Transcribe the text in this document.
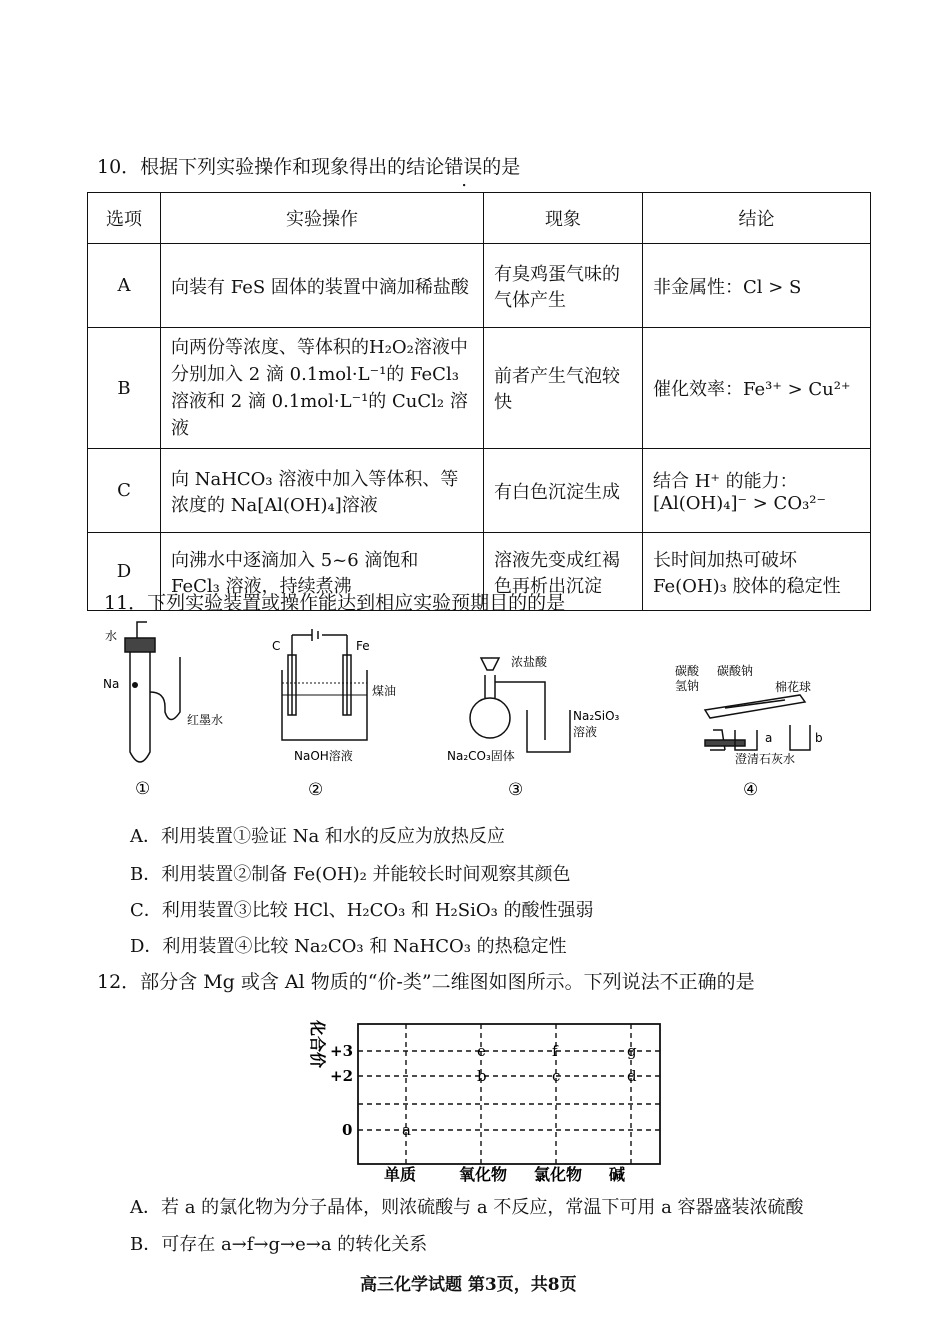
10．根据下列实验操作和现象得出的结论错误的是
选项	实验操作	现象	结论
A	向装有 FeS 固体的装置中滴加稀盐酸	有臭鸡蛋气味的气体产生	非金属性：Cl > S
B	向两份等浓度、等体积的H₂O₂溶液中分别加入 2 滴 0.1mol·L⁻¹的 FeCl₃ 溶液和 2 滴 0.1mol·L⁻¹的 CuCl₂ 溶液	前者产生气泡较快	催化效率：Fe³⁺ > Cu²⁺
C	向 NaHCO₃ 溶液中加入等体积、等浓度的 Na[Al(OH)₄]溶液	有白色沉淀生成	结合 H⁺ 的能力：[Al(OH)₄]⁻ > CO₃²⁻
D	向沸水中逐滴加入 5~6 滴饱和 FeCl₃ 溶液，持续煮沸	溶液先变成红褐色再析出沉淀	长时间加热可破坏 Fe(OH)₃ 胶体的稳定性
11．下列实验装置或操作能达到相应实验预期目的的是
水
Na
红墨水
①
C	Fe
煤油
NaOH溶液
②
浓盐酸
Na₂SiO₃
溶液
Na₂CO₃固体
③
碳酸
氢钠
碳酸钠
棉花球
a	b
澄清石灰水
④
A．利用装置①验证 Na 和水的反应为放热反应
B．利用装置②制备 Fe(OH)₂ 并能较长时间观察其颜色
C．利用装置③比较 HCl、H₂CO₃ 和 H₂SiO₃ 的酸性强弱
D．利用装置④比较 Na₂CO₃ 和 NaHCO₃ 的热稳定性
12．部分含 Mg 或含 Al 物质的“价-类”二维图如图所示。下列说法不正确的是
+3
+2
0
单质	氧化物 氯化物 碱
a
b
e
c
f
d
g
化合价
A．若 a 的氯化物为分子晶体，则浓硫酸与 a 不反应，常温下可用 a 容器盛装浓硫酸
B．可存在 a→f→g→e→a 的转化关系
高三化学试题 第3页，共8页
